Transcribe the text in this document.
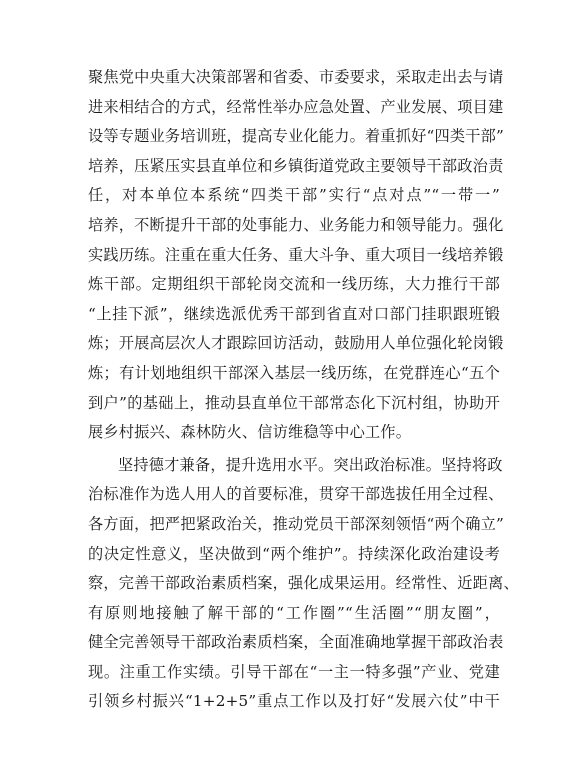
聚焦党中央重大决策部署和省委、市委要求，采取走出去与请
进来相结合的方式，经常性举办应急处置、产业发展、项目建
设等专题业务培训班，提高专业化能力。着重抓好“四类干部”
培养，压紧压实县直单位和乡镇街道党政主要领导干部政治责
任，对本单位本系统“四类干部”实行“点对点”“一带一”
培养，不断提升干部的处事能力、业务能力和领导能力。强化
实践历练。注重在重大任务、重大斗争、重大项目一线培养锻
炼干部。定期组织干部轮岗交流和一线历练，大力推行干部
“上挂下派”，继续选派优秀干部到省直对口部门挂职跟班锻
炼；开展高层次人才跟踪回访活动，鼓励用人单位强化轮岗锻
炼；有计划地组织干部深入基层一线历练，在党群连心“五个
到户”的基础上，推动县直单位干部常态化下沉村组，协助开
展乡村振兴、森林防火、信访维稳等中心工作。
坚持德才兼备，提升选用水平。突出政治标准。坚持将政
治标准作为选人用人的首要标准，贯穿干部选拔任用全过程、
各方面，把严把紧政治关，推动党员干部深刻领悟“两个确立”
的决定性意义，坚决做到“两个维护”。持续深化政治建设考
察，完善干部政治素质档案，强化成果运用。经常性、近距离、
有原则地接触了解干部的“工作圈”“生活圈”“朋友圈”，
健全完善领导干部政治素质档案，全面准确地掌握干部政治表
现。注重工作实绩。引导干部在“一主一特多强”产业、党建
引领乡村振兴“1+2+5”重点工作以及打好“发展六仗”中干
